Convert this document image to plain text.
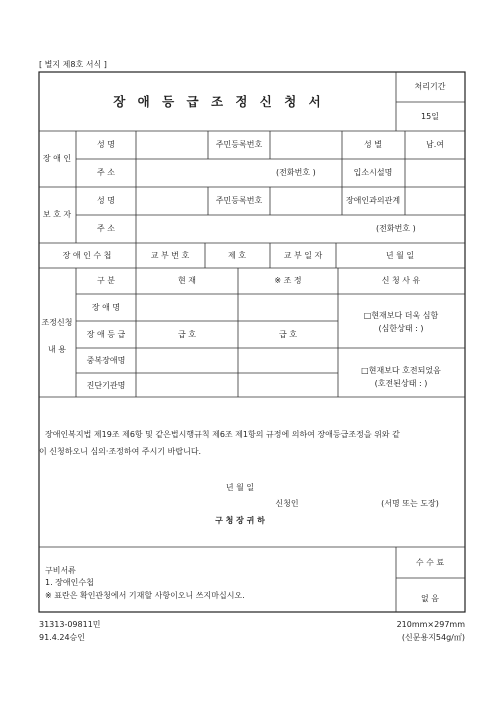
[ 별지 제8호 서식 ]
장 애 등 급 조 정 신 청 서
처리기간
15일
장 애 인
성 명	주민등록번호	성 별	남.여
주 소	(전화번호 )	입소시설명
보 호 자
성 명	주민등록번호	장애인과의관계
주 소	(전화번호 )
장 애 인 수 첩	교 부 번 호	제 호	교 부 일 자	년 월 일
조정신청
내 용
구 분	현 재	※ 조 정	신 청 사 유
장 애 명
장 애 등 급	급 호	급 호
중복장애명
진단기관명
□현재보다 더욱 심함
(심한상태 : )
□현재보다 호전되었음
(호전된상태 : )
장애인복지법 제19조 제6항 및 같은법시행규칙 제6조 제1항의 규정에 의하여 장애등급조정을 위와 같
이 신청하오니 심의·조정하여 주시기 바랍니다.
년 월 일
신청인	(서명 또는 도장)
구 청 장 귀 하
구비서류
1. 장애인수첩
※ 표란은 확인관청에서 기재할 사항이오니 쓰지마십시오.
수 수 료
없 음
31313-09811민
91.4.24승인
210mm×297mm
(신문용지54g/㎡)
